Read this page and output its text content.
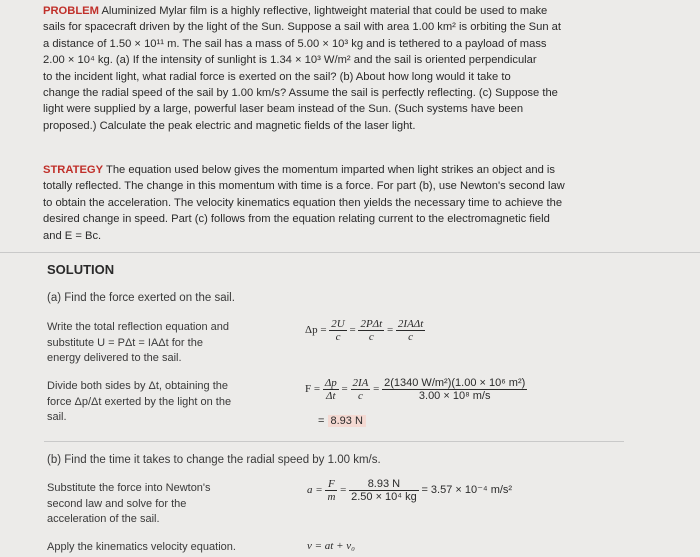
PROBLEM Aluminized Mylar film is a highly reflective, lightweight material that could be used to make
sails for spacecraft driven by the light of the Sun. Suppose a sail with area 1.00 km² is orbiting the Sun at
a distance of 1.50 × 10¹¹ m. The sail has a mass of 5.00 × 10³ kg and is tethered to a payload of mass
2.00 × 10⁴ kg. (a) If the intensity of sunlight is 1.34 × 10³ W/m² and the sail is oriented perpendicular
to the incident light, what radial force is exerted on the sail? (b) About how long would it take to
change the radial speed of the sail by 1.00 km/s? Assume the sail is perfectly reflecting. (c) Suppose the
light were supplied by a large, powerful laser beam instead of the Sun. (Such systems have been
proposed.) Calculate the peak electric and magnetic fields of the laser light.
STRATEGY The equation used below gives the momentum imparted when light strikes an object and is
totally reflected. The change in this momentum with time is a force. For part (b), use Newton's second law
to obtain the acceleration. The velocity kinematics equation then yields the necessary time to achieve the
desired change in speed. Part (c) follows from the equation relating current to the electromagnetic field
and E = Bc.
SOLUTION
(a) Find the force exerted on the sail.
Write the total reflection equation and
substitute U = PΔt = IAΔt for the
energy delivered to the sail.
$\Delta p = \frac{2U}{c} = \frac{\text{2PΔt}}{c} = \frac{\text{2IAΔt}}{c}$
Divide both sides by Δt, obtaining the
force Δp/Δt exerted by the light on the
sail.
$F = \frac{\Delta p}{\Delta t} = \frac{2IA}{c} = \frac{\text{2(1340 W/m²)(1.00 × 10⁶ m²)}}{\text{3.00 × 10⁸ m/s}}$
= 8.93 N
(b) Find the time it takes to change the radial speed by 1.00 km/s.
Substitute the force into Newton's
second law and solve for the
acceleration of the sail.
$a = \frac{F}{m} = \frac{8.93 N}{\text{2.50 × 10⁴ kg}} = 3.57 \times 10^{-4}$ m/s²
Apply the kinematics velocity equation.	v = at + v₀
